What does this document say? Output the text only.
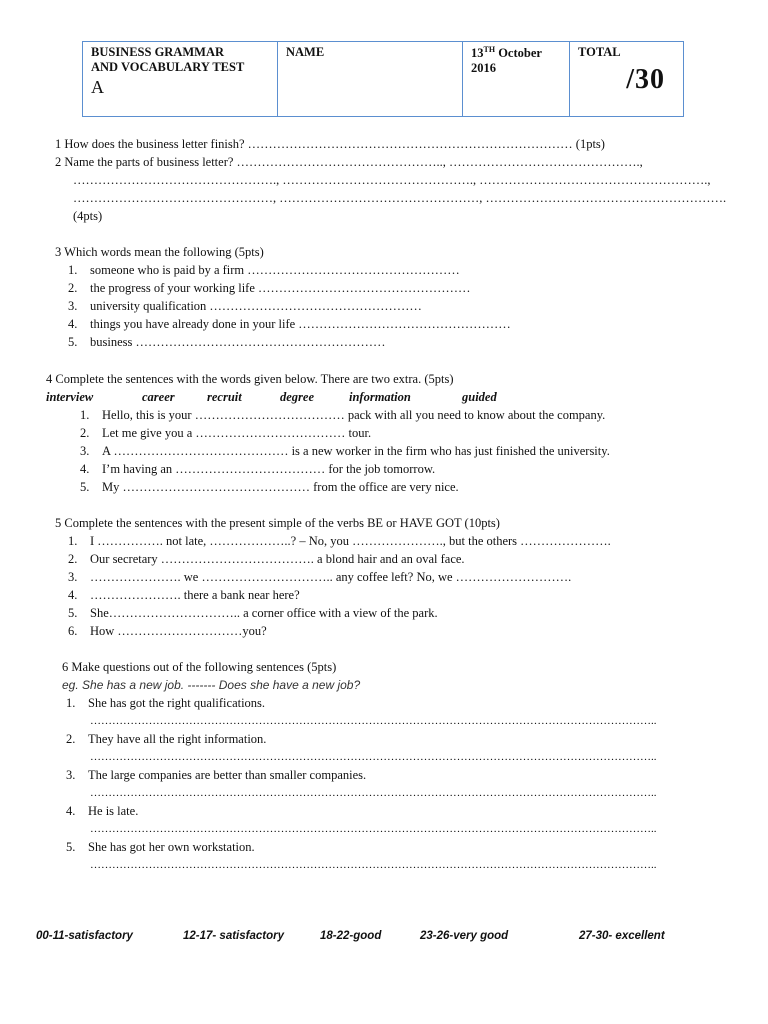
BUSINESS GRAMMAR
AND VOCABULARY TEST
A
	NAME	13TH October
2016	TOTAL
/30
1 How does the business letter finish? …………………………………………………………………… (1pts)
2 Name the parts of business letter? ………………………………………….., ……………………………………….,
…………………………………………., ………………………………………., ……………………………………………….,
…………………………………………, …………………………………………, ………………………………………………….
(4pts)
3 Which words mean the following (5pts)
1. someone who is paid by a firm ……………………………………………
2. the progress of your working life ……………………………………………
3. university qualification ……………………………………………
4. things you have already done in your life ……………………………………………
5. business ……………………………………………………
4 Complete the sentences with the words given below. There are two extra. (5pts)
interview	career	recruit	degree	information	guided
1. Hello, this is your ……………………………… pack with all you need to know about the company.
2. Let me give you a ……………………………… tour.
3. A …………………………………… is a new worker in the firm who has just finished the university.
4. I’m having an ……………………………… for the job tomorrow.
5. My ……………………………………… from the office are very nice.
5 Complete the sentences with the present simple of the verbs BE or HAVE GOT (10pts)
1. I ……………. not late, ………………..? – No, you …………………., but the others ………………….
2. Our secretary ………………………………. a blond hair and an oval face.
3. …………………. we ………………………….. any coffee left? No, we ……………………….
4. …………………. there a bank near here?
5. She………………………….. a corner office with a view of the park.
6. How …………………………you?
6 Make questions out of the following sentences (5pts)
eg. She has a new job. ------- Does she have a new job?
1. She has got the right qualifications.
………………………………………………………………………………………………………………………………………..
2. They have all the right information.
………………………………………………………………………………………………………………………………………..
3. The large companies are better than smaller companies.
………………………………………………………………………………………………………………………………………..
4. He is late.
………………………………………………………………………………………………………………………………………..
5. She has got her own workstation.
………………………………………………………………………………………………………………………………………..
00-11-satisfactory	12-17- satisfactory	18-22-good	23-26-very good	27-30- excellent
